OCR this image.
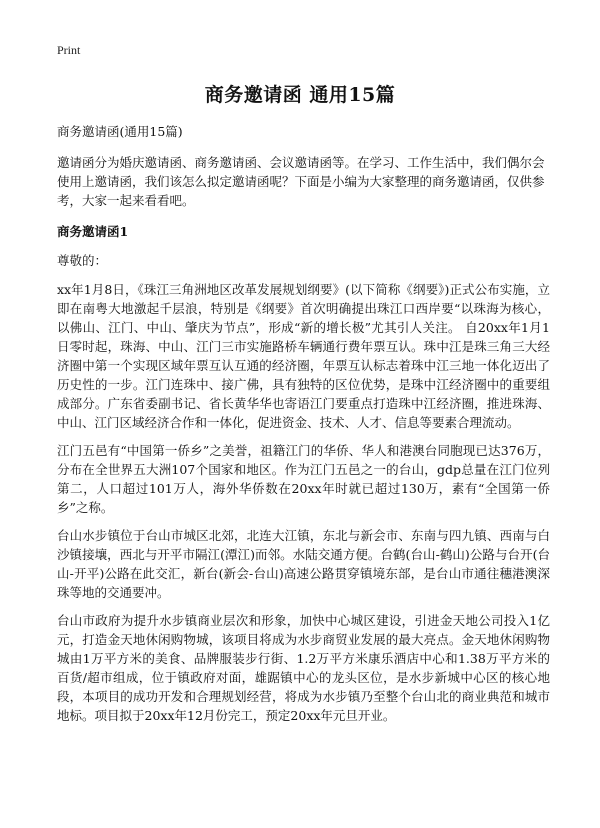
Print
商务邀请函 通用15篇

商务邀请函(通用15篇)

邀请函分为婚庆邀请函、商务邀请函、会议邀请函等。在学习、工作生活中，我们偶尔会使用上邀请函，我们该怎么拟定邀请函呢？下面是小编为大家整理的商务邀请函，仅供参考，大家一起来看看吧。

商务邀请函1

尊敬的：

xx年1月8日，《珠江三角洲地区改革发展规划纲要》(以下简称《纲要》)正式公布实施，立即在南粤大地激起千层浪，特别是《纲要》首次明确提出珠江口西岸要“以珠海为核心，以佛山、江门、中山、肇庆为节点”，形成“新的增长极”尤其引人关注。 自20xx年1月1日零时起，珠海、中山、江门三市实施路桥车辆通行费年票互认。珠中江是珠三角三大经济圈中第一个实现区域年票互认互通的经济圈，年票互认标志着珠中江三地一体化迈出了历史性的一步。江门连珠中、接广佛，具有独特的区位优势，是珠中江经济圈中的重要组成部分。广东省委副书记、省长黄华华也寄语江门要重点打造珠中江经济圈，推进珠海、中山、江门区域经济合作和一体化，促进资金、技术、人才、信息等要素合理流动。

江门五邑有“中国第一侨乡”之美誉，祖籍江门的华侨、华人和港澳台同胞现已达376万，分布在全世界五大洲107个国家和地区。作为江门五邑之一的台山，gdp总量在江门位列第二，人口超过101万人，海外华侨数在20xx年时就已超过130万，素有“全国第一侨乡”之称。

台山水步镇位于台山市城区北郊，北连大江镇，东北与新会市、东南与四九镇、西南与白沙镇接壤，西北与开平市隔江(潭江)而邻。水陆交通方便。台鹤(台山-鹤山)公路与台开(台山-开平)公路在此交汇，新台(新会-台山)高速公路贯穿镇境东部，是台山市通往穗港澳深珠等地的交通要冲。

台山市政府为提升水步镇商业层次和形象，加快中心城区建设，引进金天地公司投入1亿元，打造金天地休闲购物城，该项目将成为水步商贸业发展的最大亮点。金天地休闲购物城由1万平方米的美食、品牌服装步行街、1.2万平方米康乐酒店中心和1.38万平方米的百货/超市组成，位于镇政府对面，雄踞镇中心的龙头区位，是水步新城中心区的核心地段，本项目的成功开发和合理规划经营，将成为水步镇乃至整个台山北的商业典范和城市地标。项目拟于20xx年12月份完工，预定20xx年元旦开业。
